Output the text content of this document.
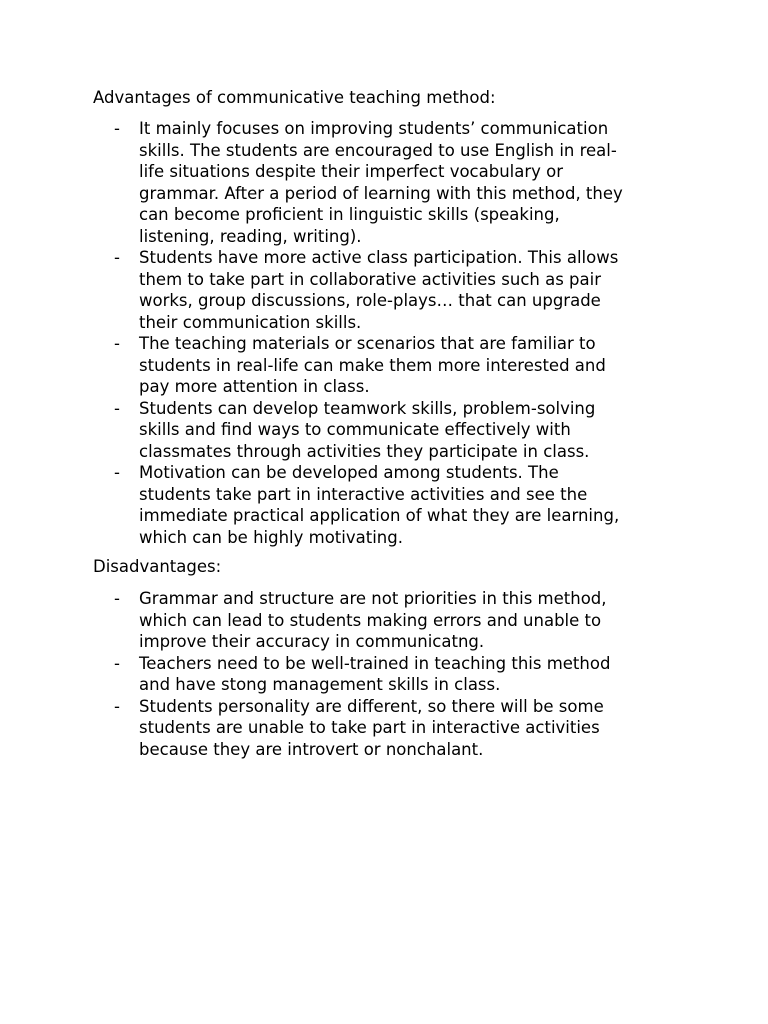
Advantages of communicative teaching method:
- It mainly focuses on improving students’ communication
skills. The students are encouraged to use English in real-
life situations despite their imperfect vocabulary or
grammar. After a period of learning with this method, they
can become proficient in linguistic skills (speaking,
listening, reading, writing).
- Students have more active class participation. This allows
them to take part in collaborative activities such as pair
works, group discussions, role-plays… that can upgrade
their communication skills.
- The teaching materials or scenarios that are familiar to
students in real-life can make them more interested and
pay more attention in class.
- Students can develop teamwork skills, problem-solving
skills and find ways to communicate effectively with
classmates through activities they participate in class.
- Motivation can be developed among students. The
students take part in interactive activities and see the
immediate practical application of what they are learning,
which can be highly motivating.
Disadvantages:
- Grammar and structure are not priorities in this method,
which can lead to students making errors and unable to
improve their accuracy in communicatng.
- Teachers need to be well-trained in teaching this method
and have stong management skills in class.
- Students personality are different, so there will be some
students are unable to take part in interactive activities
because they are introvert or nonchalant.
